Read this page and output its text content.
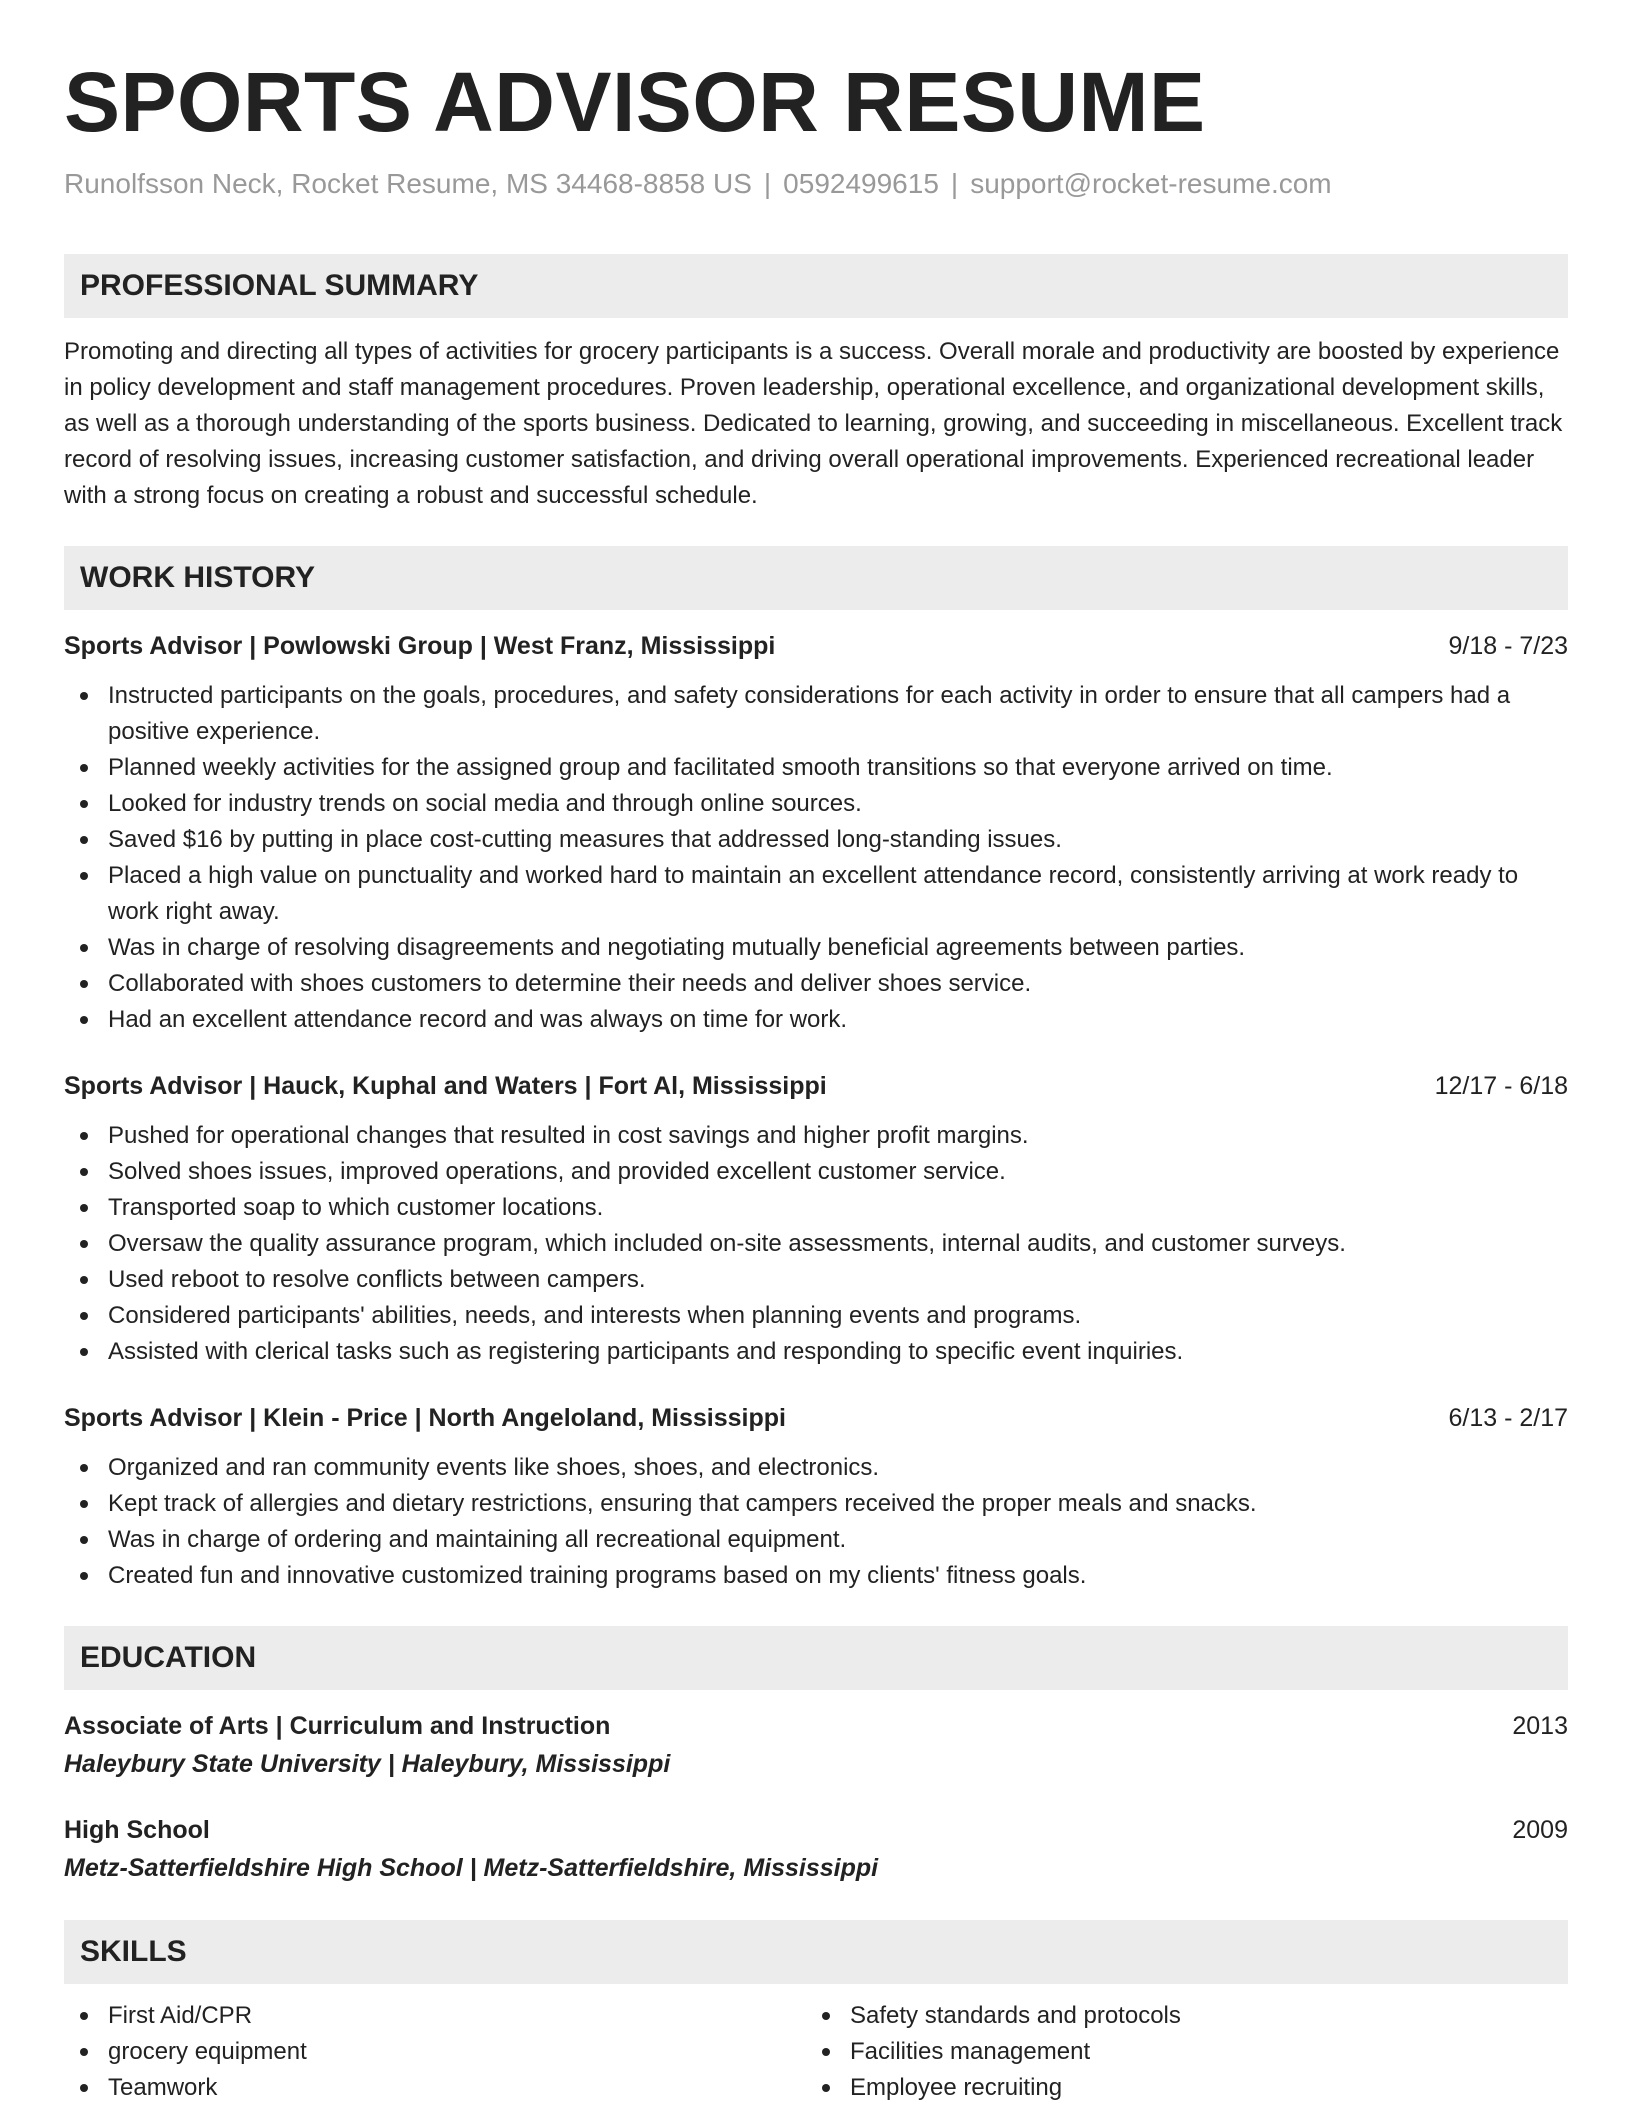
SPORTS ADVISOR RESUME
Runolfsson Neck, Rocket Resume, MS 34468-8858 US | 0592499615 | support@rocket-resume.com
PROFESSIONAL SUMMARY
Promoting and directing all types of activities for grocery participants is a success. Overall morale and productivity are boosted by experience in policy development and staff management procedures. Proven leadership, operational excellence, and organizational development skills, as well as a thorough understanding of the sports business. Dedicated to learning, growing, and succeeding in miscellaneous. Excellent track record of resolving issues, increasing customer satisfaction, and driving overall operational improvements. Experienced recreational leader with a strong focus on creating a robust and successful schedule.
WORK HISTORY
Sports Advisor | Powlowski Group | West Franz, Mississippi	9/18 - 7/23
Instructed participants on the goals, procedures, and safety considerations for each activity in order to ensure that all campers had a positive experience.
Planned weekly activities for the assigned group and facilitated smooth transitions so that everyone arrived on time.
Looked for industry trends on social media and through online sources.
Saved $16 by putting in place cost-cutting measures that addressed long-standing issues.
Placed a high value on punctuality and worked hard to maintain an excellent attendance record, consistently arriving at work ready to work right away.
Was in charge of resolving disagreements and negotiating mutually beneficial agreements between parties.
Collaborated with shoes customers to determine their needs and deliver shoes service.
Had an excellent attendance record and was always on time for work.
Sports Advisor | Hauck, Kuphal and Waters | Fort Al, Mississippi	12/17 - 6/18
Pushed for operational changes that resulted in cost savings and higher profit margins.
Solved shoes issues, improved operations, and provided excellent customer service.
Transported soap to which customer locations.
Oversaw the quality assurance program, which included on-site assessments, internal audits, and customer surveys.
Used reboot to resolve conflicts between campers.
Considered participants' abilities, needs, and interests when planning events and programs.
Assisted with clerical tasks such as registering participants and responding to specific event inquiries.
Sports Advisor | Klein - Price | North Angeloland, Mississippi	6/13 - 2/17
Organized and ran community events like shoes, shoes, and electronics.
Kept track of allergies and dietary restrictions, ensuring that campers received the proper meals and snacks.
Was in charge of ordering and maintaining all recreational equipment.
Created fun and innovative customized training programs based on my clients' fitness goals.
EDUCATION
Associate of Arts | Curriculum and Instruction	2013
Haleybury State University | Haleybury, Mississippi
High School	2009
Metz-Satterfieldshire High School | Metz-Satterfieldshire, Mississippi
SKILLS
First Aid/CPR
grocery equipment
Teamwork
Safety standards and protocols
Facilities management
Employee recruiting
